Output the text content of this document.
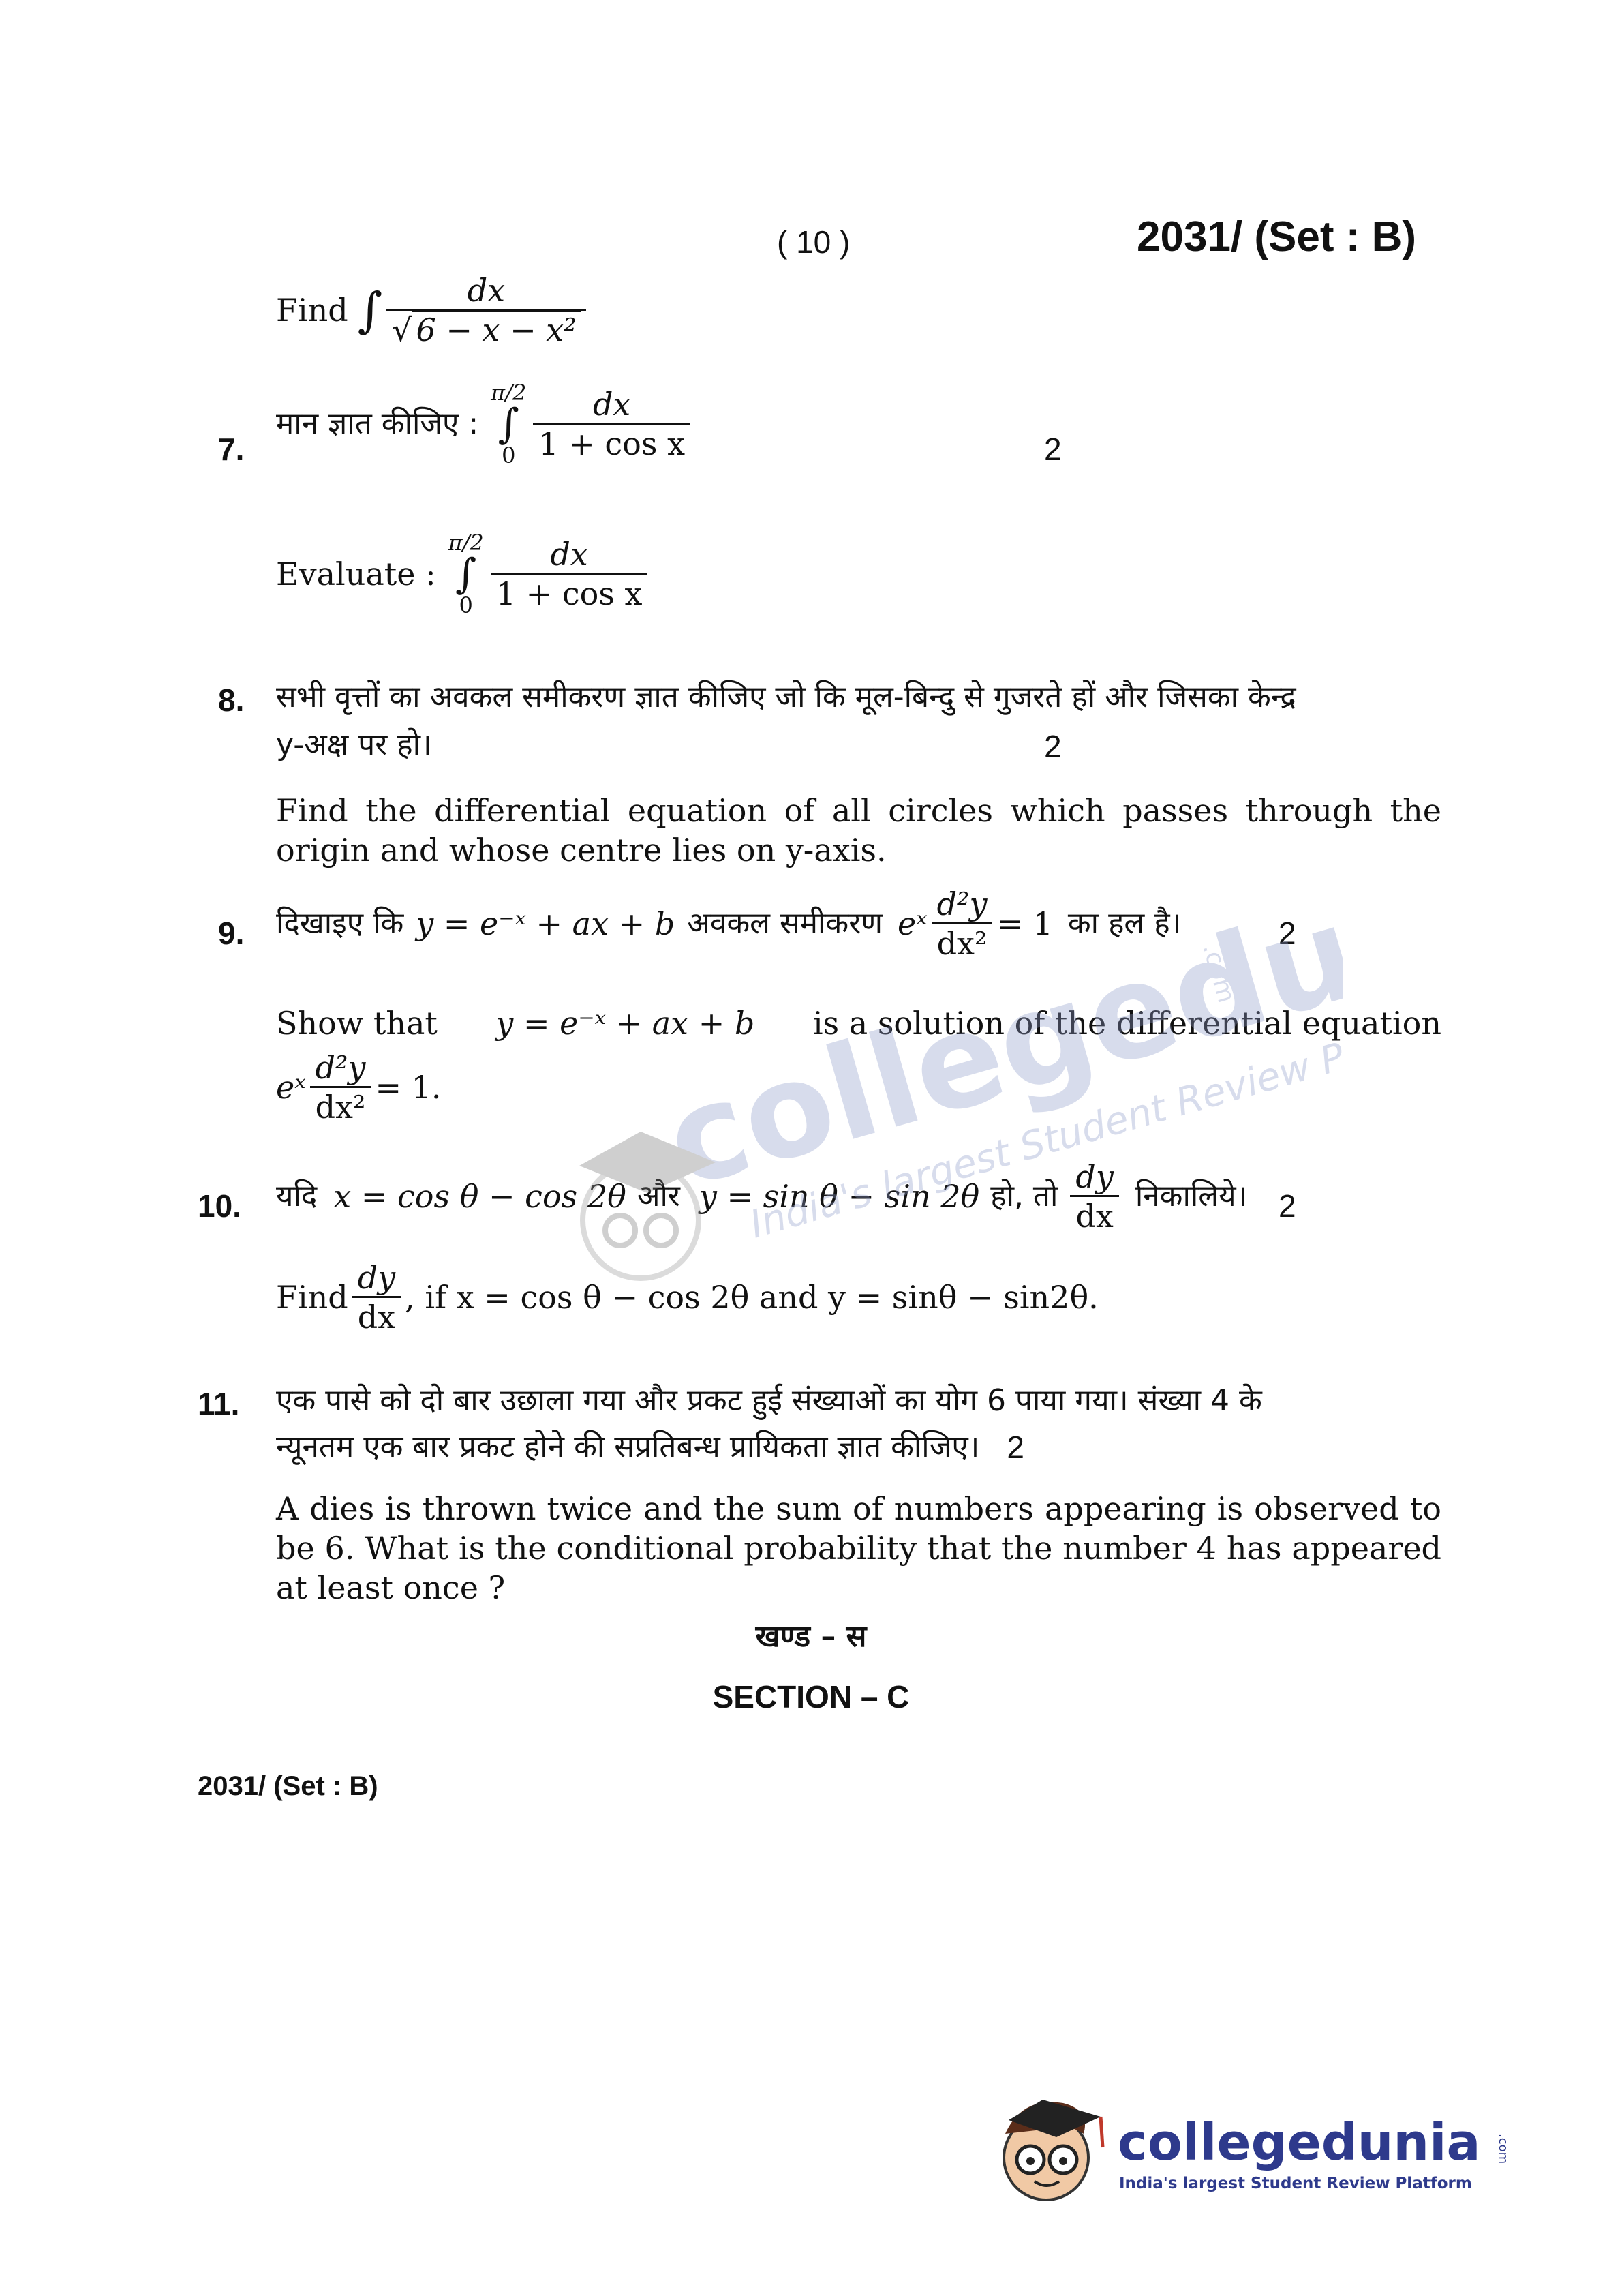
( 10 )	2031/ (Set : B)
Find ∫ $\frac{dx}{\text{√ 6 − x − x²}}$
7.
मान ज्ञात कीजिए :
π/2
∫
$0 \frac{dx}{\text{1 + cos x}}$	2
Evaluate :
π/2
∫
$0 \frac{dx}{\text{1 + cos x}}$
8. सभी वृत्तों का अवकल समीकरण ज्ञात कीजिए जो कि मूल-बिन्दु से गुजरते हों और जिसका केन्द्र
y-अक्ष पर हो।	2
Find the differential equation of all circles which passes through the origin and whose centre lies on y-axis.
9. दिखाइए कि y = e⁻ˣ + ax + b अवकल समीकरण eˣ $\frac{\text{d²y}}{\text{dx²}} = 1$ का हल है।	2
Show that y = e⁻ˣ + ax + b is a solution of the differential equation
eˣ $\frac{\text{d²y}}{\text{dx²}} = 1$.
10. यदि x = cos θ − cos 2θ और y = sin θ − sin 2θ हो, तो $\frac{dy}{dx}$ निकालिये। 2
Find $\frac{dy}{dx}$ , if x = cos θ − cos 2θ and y = sinθ − sin2θ.
11. एक पासे को दो बार उछाला गया और प्रकट हुई संख्याओं का योग 6 पाया गया। संख्या 4 के
न्यूनतम एक बार प्रकट होने की सप्रतिबन्ध प्रायिकता ज्ञात कीजिए। 2
A dies is thrown twice and the sum of numbers appearing is observed to be 6. What is the conditional probability that the number 4 has appeared at least once ?
खण्ड – स
SECTION – C
2031/ (Set : B)
collegedunia
.com
India's largest Student Review Platform
collegedunia .com
India's largest Student Review Platform
